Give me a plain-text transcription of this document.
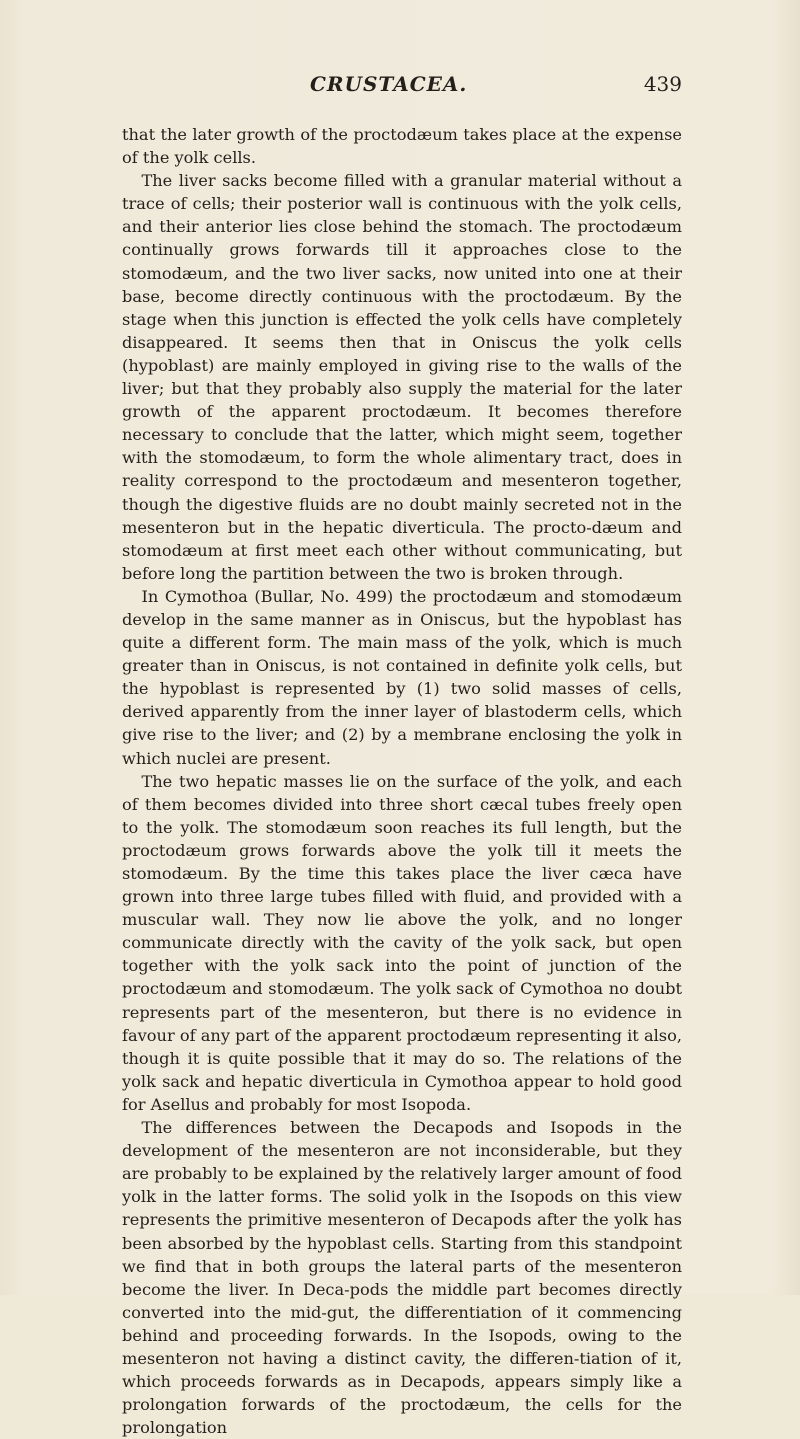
CRUSTACEA.	439

that the later growth of the proctodæum takes place at the expense of the yolk cells.

The liver sacks become filled with a granular material without a trace of cells; their posterior wall is continuous with the yolk cells, and their anterior lies close behind the stomach. The proctodæum continually grows forwards till it approaches close to the stomodæum, and the two liver sacks, now united into one at their base, become directly continuous with the proctodæum. By the stage when this junction is effected the yolk cells have completely disappeared. It seems then that in Oniscus the yolk cells (hypoblast) are mainly employed in giving rise to the walls of the liver; but that they probably also supply the material for the later growth of the apparent proctodæum. It becomes therefore necessary to conclude that the latter, which might seem, together with the stomodæum, to form the whole alimentary tract, does in reality correspond to the proctodæum and mesenteron together, though the digestive fluids are no doubt mainly secreted not in the mesenteron but in the hepatic diverticula. The procto-dæum and stomodæum at first meet each other without communicating, but before long the partition between the two is broken through.

In Cymothoa (Bullar, No. 499) the proctodæum and stomodæum develop in the same manner as in Oniscus, but the hypoblast has quite a different form. The main mass of the yolk, which is much greater than in Oniscus, is not contained in definite yolk cells, but the hypoblast is represented by (1) two solid masses of cells, derived apparently from the inner layer of blastoderm cells, which give rise to the liver; and (2) by a membrane enclosing the yolk in which nuclei are present.

The two hepatic masses lie on the surface of the yolk, and each of them becomes divided into three short cæcal tubes freely open to the yolk. The stomodæum soon reaches its full length, but the proctodæum grows forwards above the yolk till it meets the stomodæum. By the time this takes place the liver cæca have grown into three large tubes filled with fluid, and provided with a muscular wall. They now lie above the yolk, and no longer communicate directly with the cavity of the yolk sack, but open together with the yolk sack into the point of junction of the proctodæum and stomodæum. The yolk sack of Cymothoa no doubt represents part of the mesenteron, but there is no evidence in favour of any part of the apparent proctodæum representing it also, though it is quite possible that it may do so. The relations of the yolk sack and hepatic diverticula in Cymothoa appear to hold good for Asellus and probably for most Isopoda.

The differences between the Decapods and Isopods in the development of the mesenteron are not inconsiderable, but they are probably to be explained by the relatively larger amount of food yolk in the latter forms. The solid yolk in the Isopods on this view represents the primitive mesenteron of Decapods after the yolk has been absorbed by the hypoblast cells. Starting from this standpoint we find that in both groups the lateral parts of the mesenteron become the liver. In Deca-pods the middle part becomes directly converted into the mid-gut, the differentiation of it commencing behind and proceeding forwards. In the Isopods, owing to the mesenteron not having a distinct cavity, the differen-tiation of it, which proceeds forwards as in Decapods, appears simply like a prolongation forwards of the proctodæum, the cells for the prolongation
